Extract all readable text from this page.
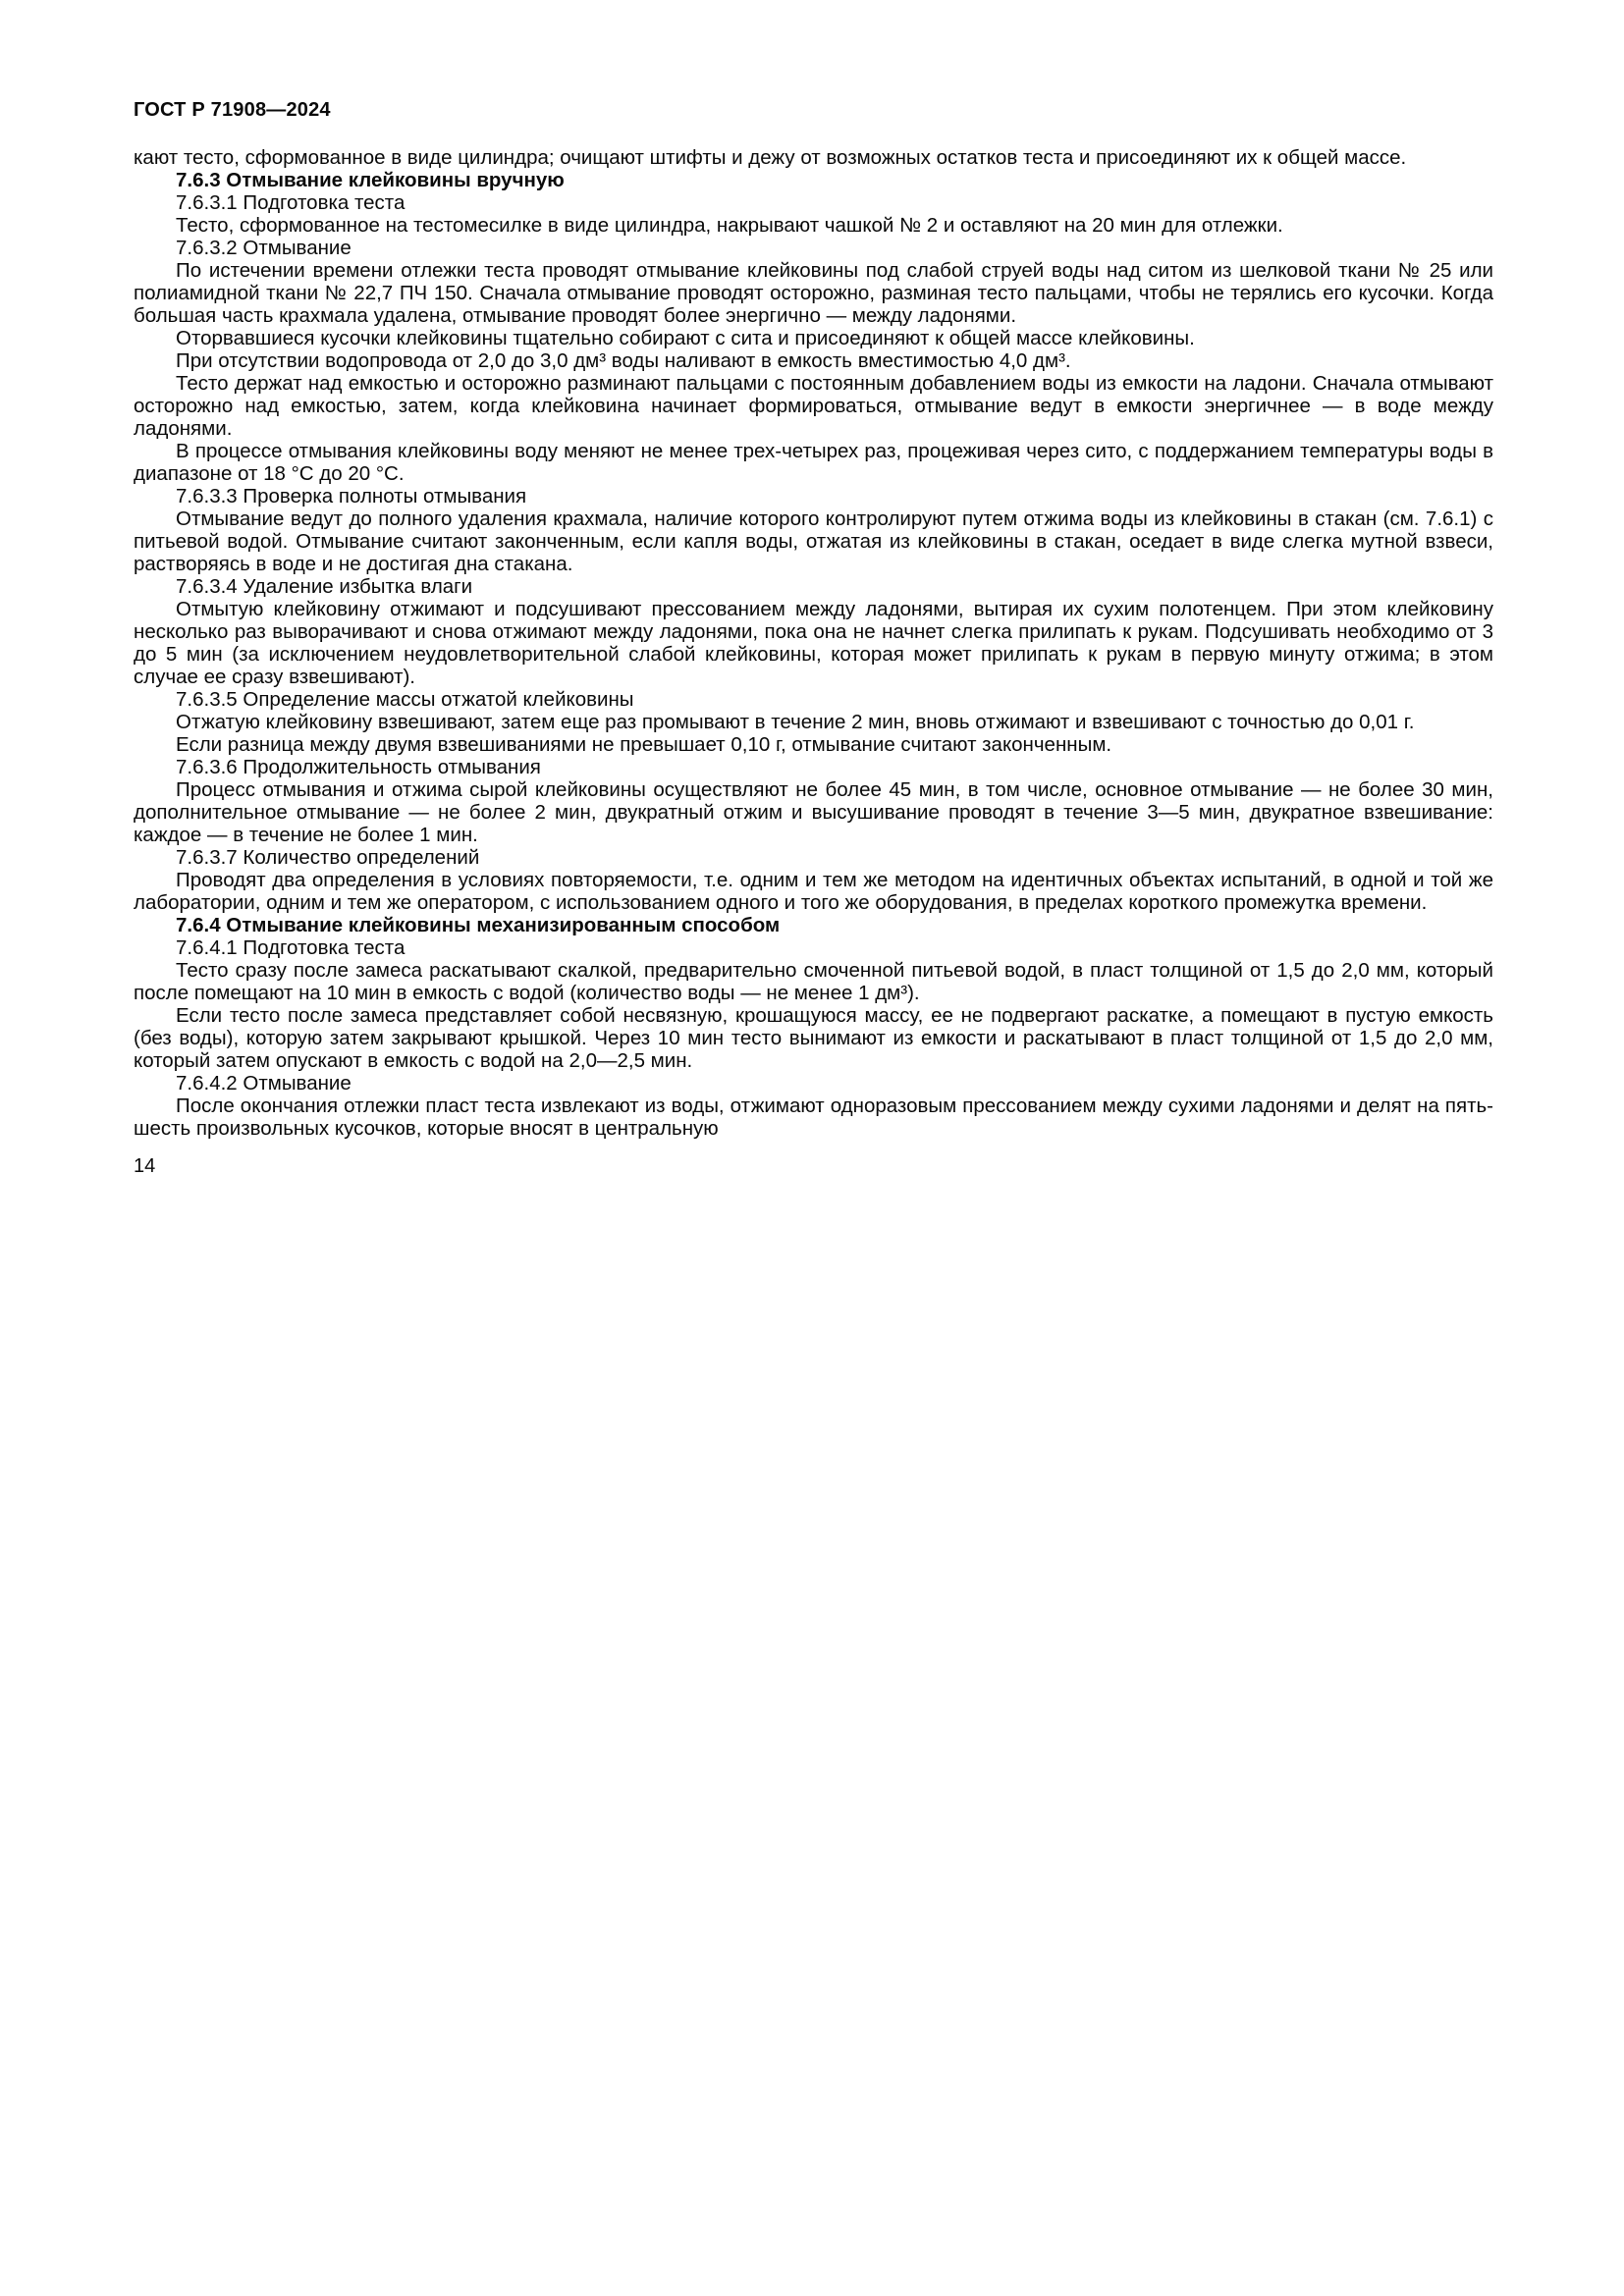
ГОСТ Р 71908—2024

кают тесто, сформованное в виде цилиндра; очищают штифты и дежу от возможных остатков теста и присоединяют их к общей массе.

7.6.3 Отмывание клейковины вручную

7.6.3.1 Подготовка теста

Тесто, сформованное на тестомесилке в виде цилиндра, накрывают чашкой № 2 и оставляют на 20 мин для отлежки.

7.6.3.2 Отмывание

По истечении времени отлежки теста проводят отмывание клейковины под слабой струей воды над ситом из шелковой ткани № 25 или полиамидной ткани № 22,7 ПЧ 150. Сначала отмывание проводят осторожно, разминая тесто пальцами, чтобы не терялись его кусочки. Когда большая часть крахмала удалена, отмывание проводят более энергично — между ладонями.

Оторвавшиеся кусочки клейковины тщательно собирают с сита и присоединяют к общей массе клейковины.

При отсутствии водопровода от 2,0 до 3,0 дм³ воды наливают в емкость вместимостью 4,0 дм³.

Тесто держат над емкостью и осторожно разминают пальцами с постоянным добавлением воды из емкости на ладони. Сначала отмывают осторожно над емкостью, затем, когда клейковина начинает формироваться, отмывание ведут в емкости энергичнее — в воде между ладонями.

В процессе отмывания клейковины воду меняют не менее трех-четырех раз, процеживая через сито, с поддержанием температуры воды в диапазоне от 18 °С до 20 °С.

7.6.3.3 Проверка полноты отмывания

Отмывание ведут до полного удаления крахмала, наличие которого контролируют путем отжима воды из клейковины в стакан (см. 7.6.1) с питьевой водой. Отмывание считают законченным, если капля воды, отжатая из клейковины в стакан, оседает в виде слегка мутной взвеси, растворяясь в воде и не достигая дна стакана.

7.6.3.4 Удаление избытка влаги

Отмытую клейковину отжимают и подсушивают прессованием между ладонями, вытирая их сухим полотенцем. При этом клейковину несколько раз выворачивают и снова отжимают между ладонями, пока она не начнет слегка прилипать к рукам. Подсушивать необходимо от 3 до 5 мин (за исключением неудовлетворительной слабой клейковины, которая может прилипать к рукам в первую минуту отжима; в этом случае ее сразу взвешивают).

7.6.3.5 Определение массы отжатой клейковины

Отжатую клейковину взвешивают, затем еще раз промывают в течение 2 мин, вновь отжимают и взвешивают с точностью до 0,01 г.

Если разница между двумя взвешиваниями не превышает 0,10 г, отмывание считают законченным.

7.6.3.6 Продолжительность отмывания

Процесс отмывания и отжима сырой клейковины осуществляют не более 45 мин, в том числе, основное отмывание — не более 30 мин, дополнительное отмывание — не более 2 мин, двукратный отжим и высушивание проводят в течение 3—5 мин, двукратное взвешивание: каждое — в течение не более 1 мин.

7.6.3.7 Количество определений

Проводят два определения в условиях повторяемости, т.е. одним и тем же методом на идентичных объектах испытаний, в одной и той же лаборатории, одним и тем же оператором, с использованием одного и того же оборудования, в пределах короткого промежутка времени.

7.6.4 Отмывание клейковины механизированным способом

7.6.4.1 Подготовка теста

Тесто сразу после замеса раскатывают скалкой, предварительно смоченной питьевой водой, в пласт толщиной от 1,5 до 2,0 мм, который после помещают на 10 мин в емкость с водой (количество воды — не менее 1 дм³).

Если тесто после замеса представляет собой несвязную, крошащуюся массу, ее не подвергают раскатке, а помещают в пустую емкость (без воды), которую затем закрывают крышкой. Через 10 мин тесто вынимают из емкости и раскатывают в пласт толщиной от 1,5 до 2,0 мм, который затем опускают в емкость с водой на 2,0—2,5 мин.

7.6.4.2 Отмывание

После окончания отлежки пласт теста извлекают из воды, отжимают одноразовым прессованием между сухими ладонями и делят на пять-шесть произвольных кусочков, которые вносят в центральную

14
